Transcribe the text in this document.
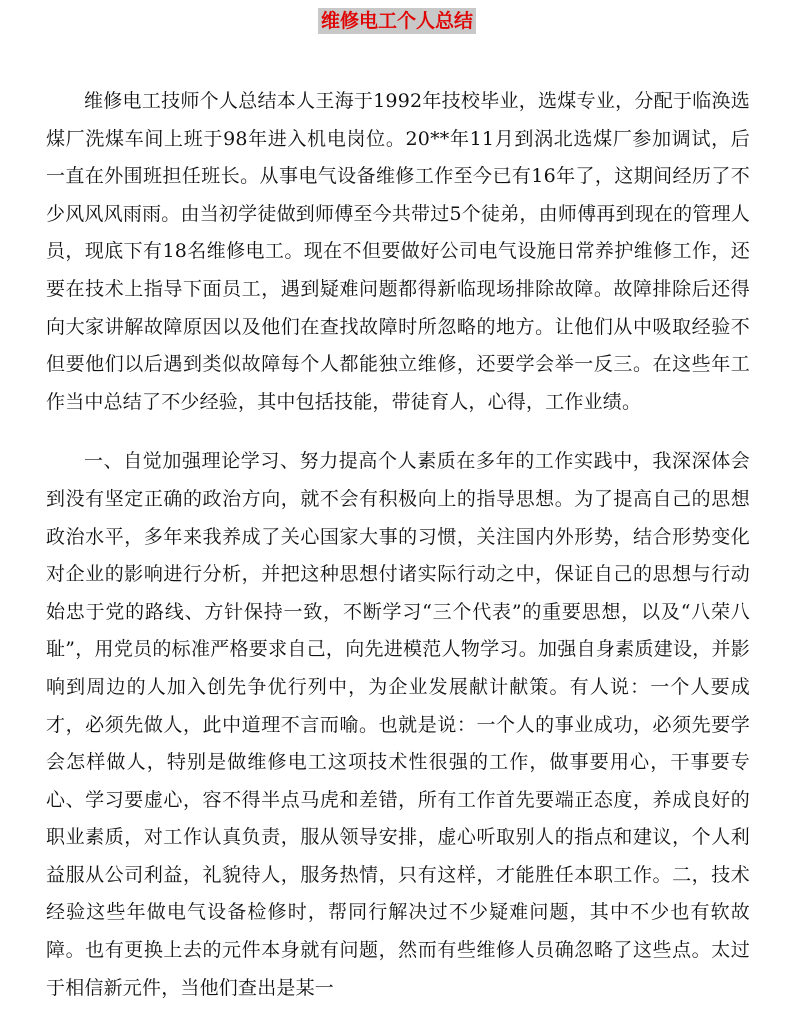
维修电工个人总结

维修电工技师个人总结本人王海于1992年技校毕业，选煤专业，分配于临涣选煤厂洗煤车间上班于98年进入机电岗位。20**年11月到涡北选煤厂参加调试，后一直在外围班担任班长。从事电气设备维修工作至今已有16年了，这期间经历了不少风风风雨雨。由当初学徒做到师傅至今共带过5个徒弟，由师傅再到现在的管理人员，现底下有18名维修电工。现在不但要做好公司电气设施日常养护维修工作，还要在技术上指导下面员工，遇到疑难问题都得新临现场排除故障。故障排除后还得向大家讲解故障原因以及他们在查找故障时所忽略的地方。让他们从中吸取经验不但要他们以后遇到类似故障每个人都能独立维修，还要学会举一反三。在这些年工作当中总结了不少经验，其中包括技能，带徒育人，心得，工作业绩。

一、自觉加强理论学习、努力提高个人素质在多年的工作实践中，我深深体会到没有坚定正确的政治方向，就不会有积极向上的指导思想。为了提高自己的思想政治水平，多年来我养成了关心国家大事的习惯，关注国内外形势，结合形势变化对企业的影响进行分析，并把这种思想付诸实际行动之中，保证自己的思想与行动始忠于党的路线、方针保持一致，不断学习“三个代表”的重要思想，以及“八荣八耻”，用党员的标准严格要求自己，向先进模范人物学习。加强自身素质建设，并影响到周边的人加入创先争优行列中，为企业发展献计献策。有人说：一个人要成才，必须先做人，此中道理不言而喻。也就是说：一个人的事业成功，必须先要学会怎样做人，特别是做维修电工这项技术性很强的工作，做事要用心，干事要专心、学习要虚心，容不得半点马虎和差错，所有工作首先要端正态度，养成良好的职业素质，对工作认真负责，服从领导安排，虚心听取别人的指点和建议，个人利益服从公司利益，礼貌待人，服务热情，只有这样，才能胜任本职工作。二，技术经验这些年做电气设备检修时，帮同行解决过不少疑难问题，其中不少也有软故障。也有更换上去的元件本身就有问题，然而有些维修人员确忽略了这些点。太过于相信新元件，当他们查出是某一
